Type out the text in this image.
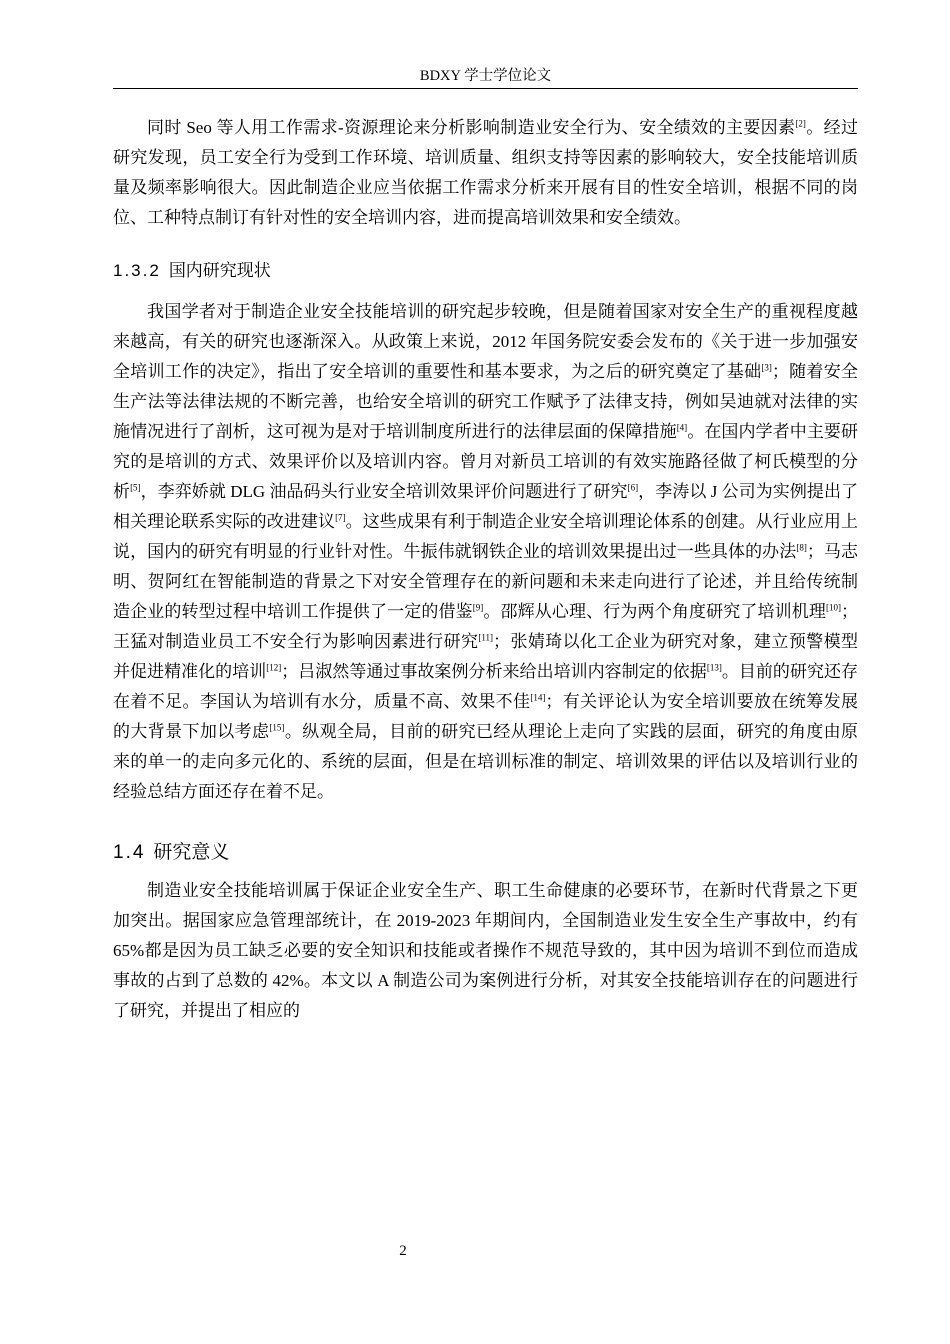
BDXY 学士学位论文

同时 Seo 等人用工作需求-资源理论来分析影响制造业安全行为、安全绩效的主要因素[2]。经过研究发现，员工安全行为受到工作环境、培训质量、组织支持等因素的影响较大，安全技能培训质量及频率影响很大。因此制造企业应当依据工作需求分析来开展有目的性安全培训，根据不同的岗位、工种特点制订有针对性的安全培训内容，进而提高培训效果和安全绩效。

1.3.2 国内研究现状

我国学者对于制造企业安全技能培训的研究起步较晚，但是随着国家对安全生产的重视程度越来越高，有关的研究也逐渐深入。从政策上来说，2012 年国务院安委会发布的《关于进一步加强安全培训工作的决定》，指出了安全培训的重要性和基本要求，为之后的研究奠定了基础[3]；随着安全生产法等法律法规的不断完善，也给安全培训的研究工作赋予了法律支持，例如吴迪就对法律的实施情况进行了剖析，这可视为是对于培训制度所进行的法律层面的保障措施[4]。在国内学者中主要研究的是培训的方式、效果评价以及培训内容。曾月对新员工培训的有效实施路径做了柯氏模型的分析[5]，李弈娇就 DLG 油品码头行业安全培训效果评价问题进行了研究[6]，李涛以 J 公司为实例提出了相关理论联系实际的改进建议[7]。这些成果有利于制造企业安全培训理论体系的创建。从行业应用上说，国内的研究有明显的行业针对性。牛振伟就钢铁企业的培训效果提出过一些具体的办法[8]；马志明、贺阿红在智能制造的背景之下对安全管理存在的新问题和未来走向进行了论述，并且给传统制造企业的转型过程中培训工作提供了一定的借鉴[9]。邵辉从心理、行为两个角度研究了培训机理[10]；王猛对制造业员工不安全行为影响因素进行研究[11]；张婧琦以化工企业为研究对象，建立预警模型并促进精准化的培训[12]；吕淑然等通过事故案例分析来给出培训内容制定的依据[13]。目前的研究还存在着不足。李国认为培训有水分，质量不高、效果不佳[14]；有关评论认为安全培训要放在统筹发展的大背景下加以考虑[15]。纵观全局，目前的研究已经从理论上走向了实践的层面，研究的角度由原来的单一的走向多元化的、系统的层面，但是在培训标准的制定、培训效果的评估以及培训行业的经验总结方面还存在着不足。

1.4 研究意义

制造业安全技能培训属于保证企业安全生产、职工生命健康的必要环节，在新时代背景之下更加突出。据国家应急管理部统计，在 2019-2023 年期间内，全国制造业发生安全生产事故中，约有 65%都是因为员工缺乏必要的安全知识和技能或者操作不规范导致的，其中因为培训不到位而造成事故的占到了总数的 42%。本文以 A 制造公司为案例进行分析，对其安全技能培训存在的问题进行了研究，并提出了相应的

2
